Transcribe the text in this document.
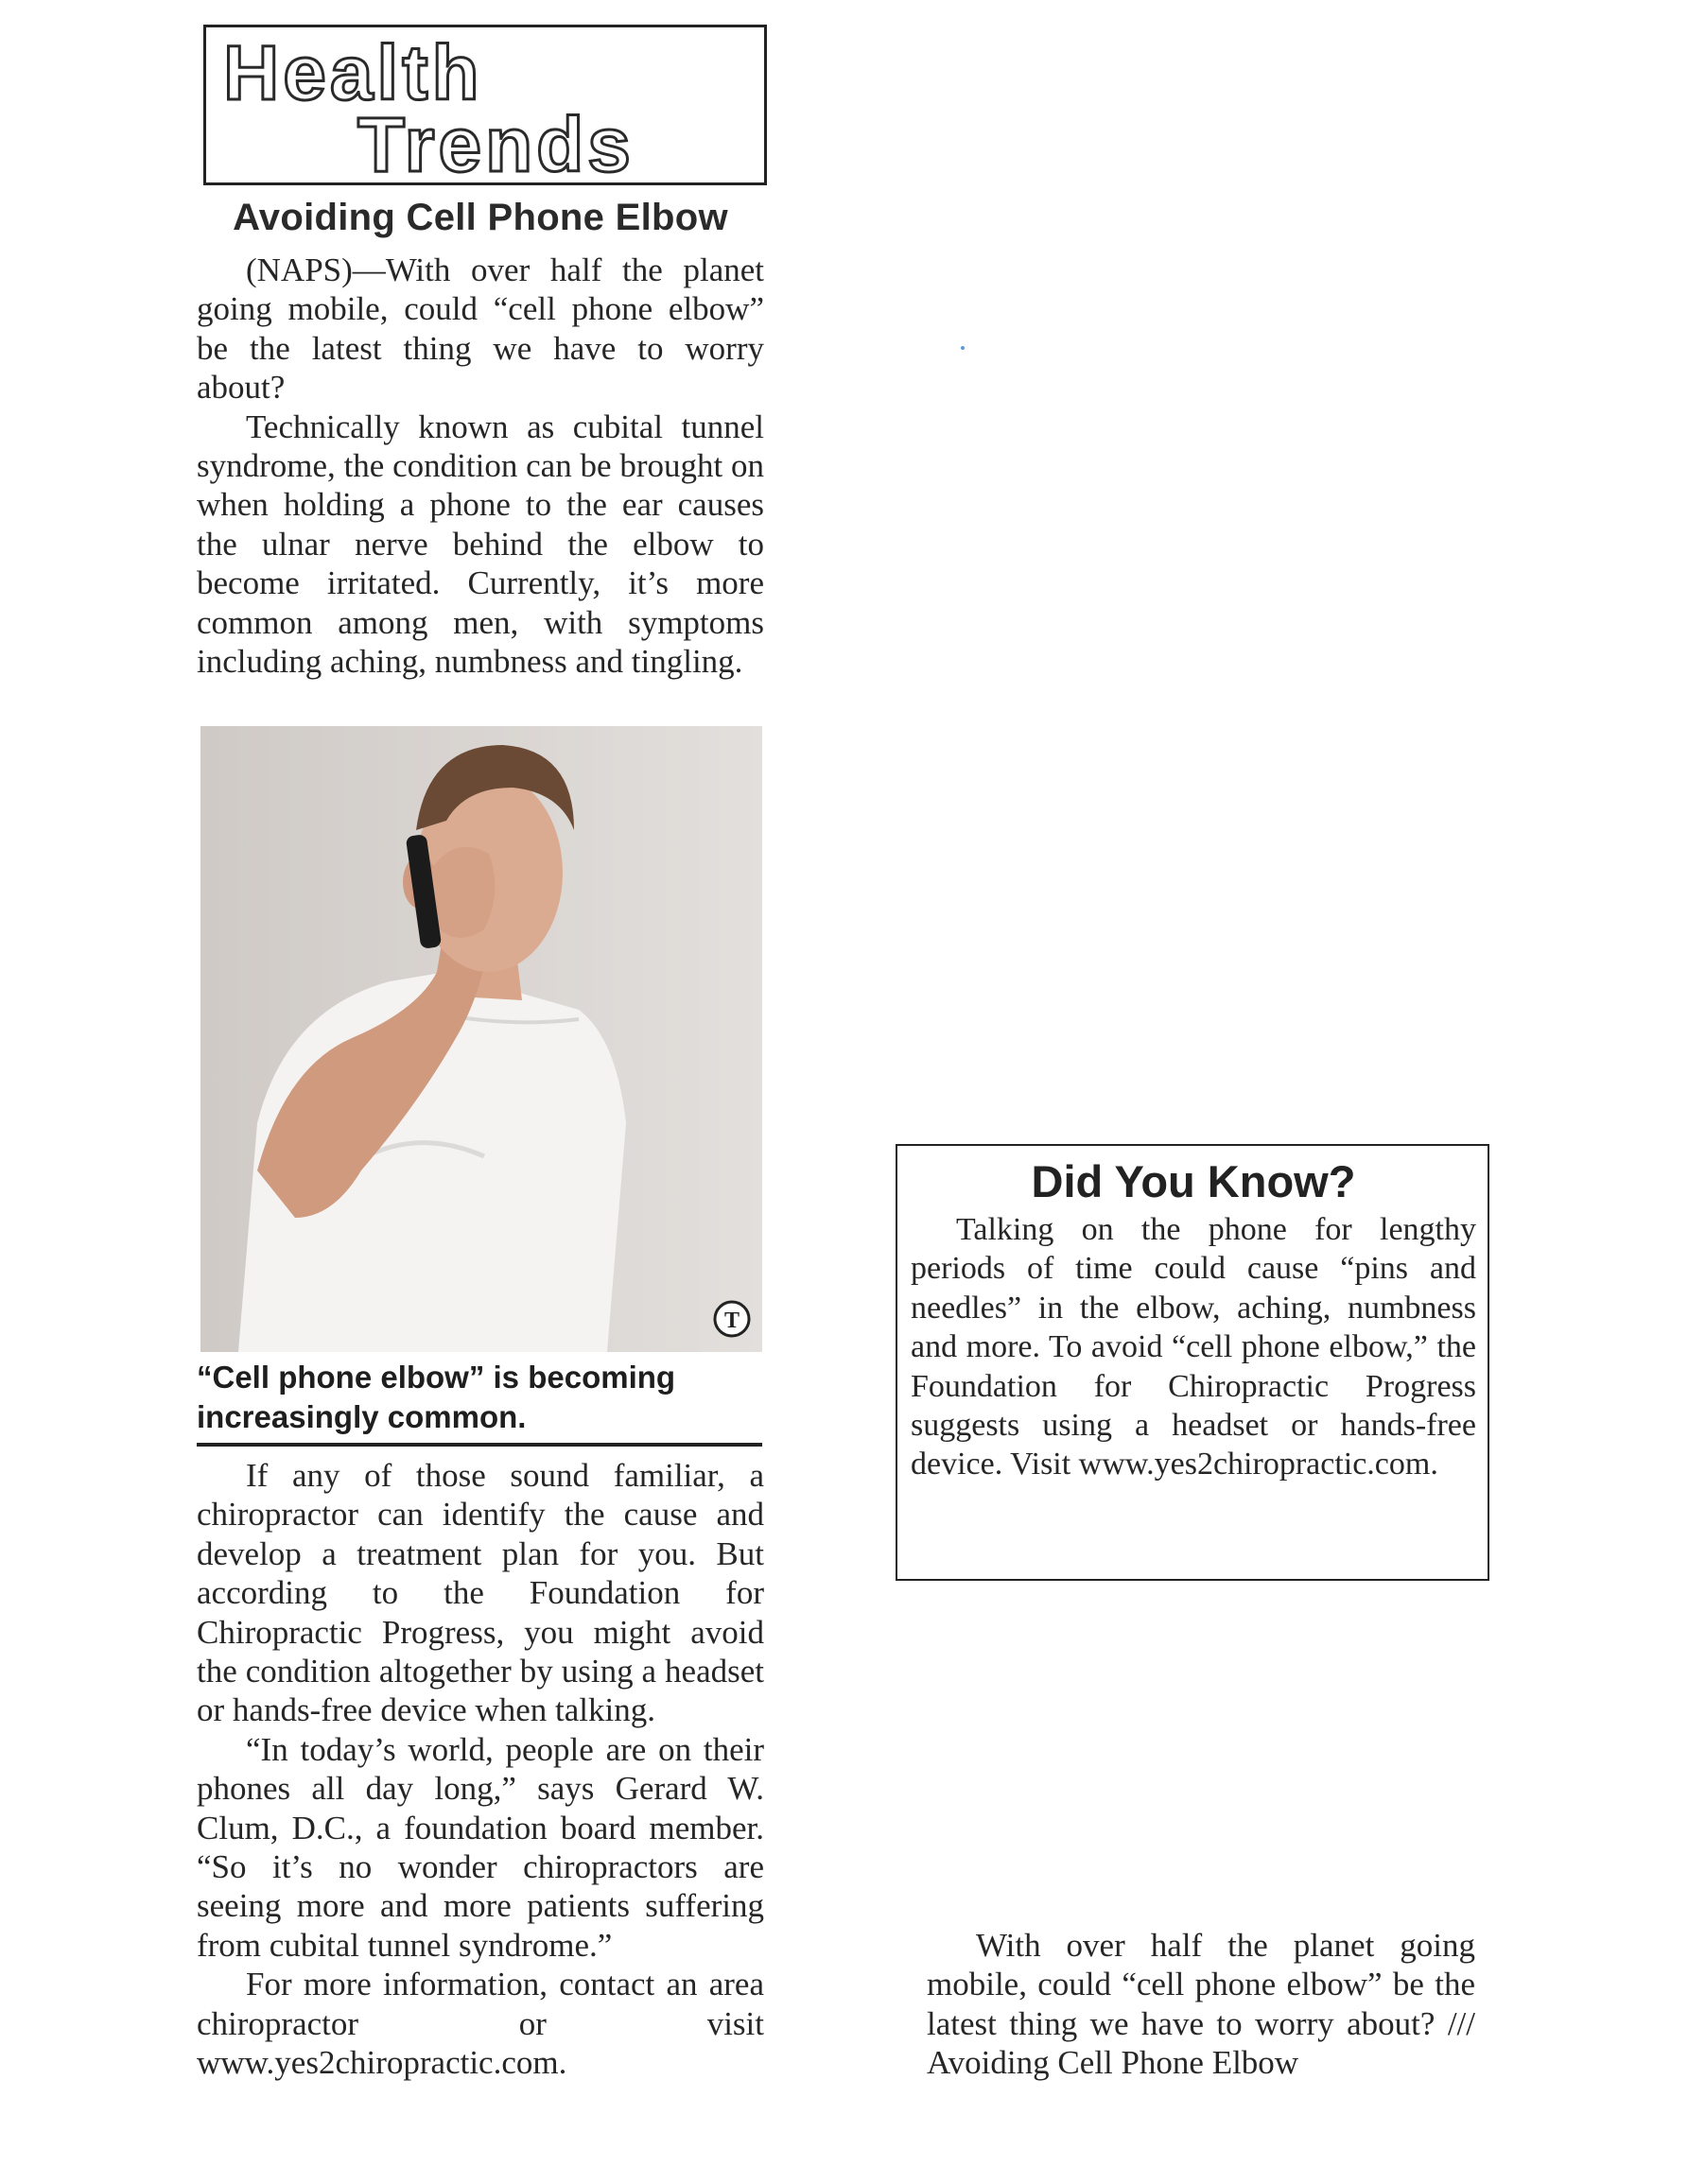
Health
Trends
Avoiding Cell Phone Elbow

(NAPS)—With over half the planet going mobile, could “cell phone elbow” be the latest thing we have to worry about?

Technically known as cubital tunnel syndrome, the condition can be brought on when holding a phone to the ear causes the ulnar nerve behind the elbow to become irritated. Currently, it’s more common among men, with symptoms including aching, numbness and tingling.

T

“Cell phone elbow” is becoming increasingly common.

If any of those sound familiar, a chiropractor can identify the cause and develop a treatment plan for you. But according to the Foundation for Chiropractic Progress, you might avoid the condition altogether by using a headset or hands-free device when talking.

“In today’s world, people are on their phones all day long,” says Gerard W. Clum, D.C., a foundation board member. “So it’s no wonder chiropractors are seeing more and more patients suffering from cubital tunnel syndrome.”

For more information, contact an area chiropractor or visit www.yes2chiropractic.com.

Did You Know?

Talking on the phone for lengthy periods of time could cause “pins and needles” in the elbow, aching, numbness and more. To avoid “cell phone elbow,” the Foundation for Chiropractic Progress suggests using a headset or hands-free device. Visit www.yes2chiropractic.com.

With over half the planet going mobile, could “cell phone elbow” be the latest thing we have to worry about? /// Avoiding Cell Phone Elbow
